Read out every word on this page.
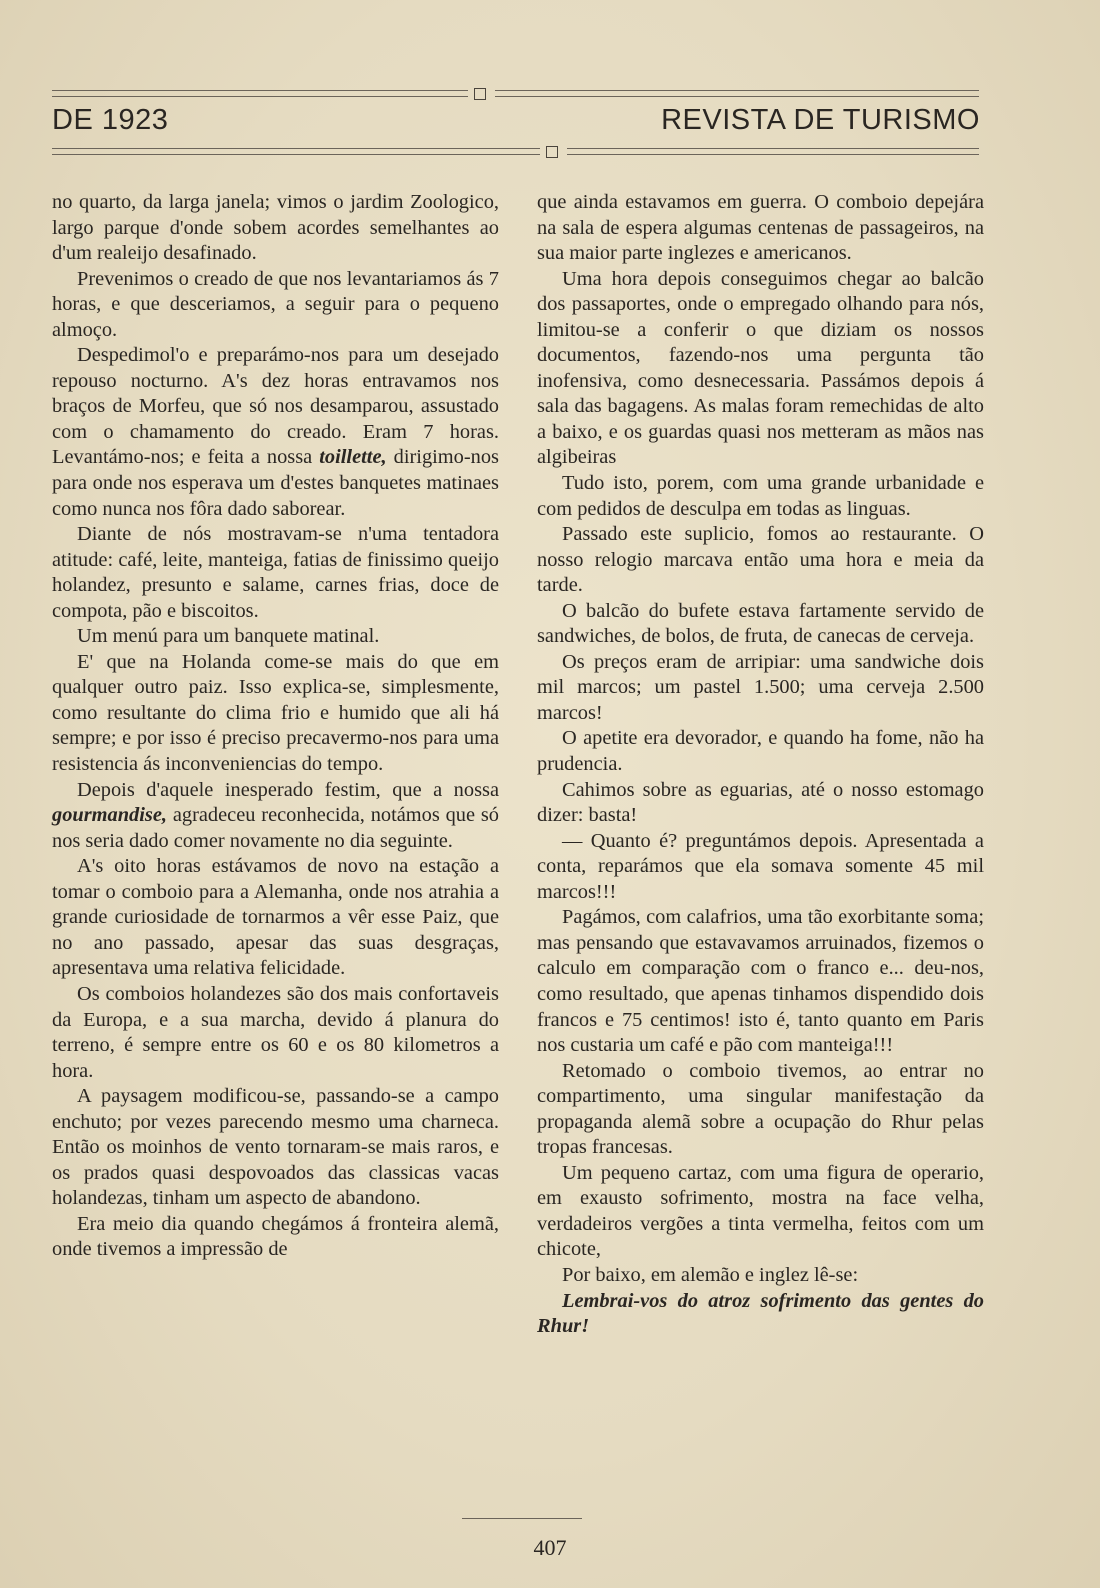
DE 1923	REVISTA DE TURISMO

no quarto, da larga janela; vimos o jardim Zoologico, largo parque d'onde sobem acordes semelhantes ao d'um realeijo desafinado.

Prevenimos o creado de que nos levantariamos ás 7 horas, e que desceriamos, a seguir para o pequeno almoço.

Despedimol'o e preparámo-nos para um desejado repouso nocturno. A's dez horas entravamos nos braços de Morfeu, que só nos desamparou, assustado com o chamamento do creado. Eram 7 horas. Levantámo-nos; e feita a nossa toillette, dirigimo-nos para onde nos esperava um d'estes banquetes matinaes como nunca nos fôra dado saborear.

Diante de nós mostravam-se n'uma tentadora atitude: café, leite, manteiga, fatias de finissimo queijo holandez, presunto e salame, carnes frias, doce de compota, pão e biscoitos.

Um menú para um banquete matinal.

E' que na Holanda come-se mais do que em qualquer outro paiz. Isso explica-se, simplesmente, como resultante do clima frio e humido que ali há sempre; e por isso é preciso precavermo-nos para uma resistencia ás inconveniencias do tempo.

Depois d'aquele inesperado festim, que a nossa gourmandise, agradeceu reconhecida, notámos que só nos seria dado comer novamente no dia seguinte.

A's oito horas estávamos de novo na estação a tomar o comboio para a Alemanha, onde nos atrahia a grande curiosidade de tornarmos a vêr esse Paiz, que no ano passado, apesar das suas desgraças, apresentava uma relativa felicidade.

Os comboios holandezes são dos mais confortaveis da Europa, e a sua marcha, devido á planura do terreno, é sempre entre os 60 e os 80 kilometros a hora.

A paysagem modificou-se, passando-se a campo enchuto; por vezes parecendo mesmo uma charneca. Então os moinhos de vento tornaram-se mais raros, e os prados quasi despovoados das classicas vacas holandezas, tinham um aspecto de abandono.

Era meio dia quando chegámos á fronteira alemã, onde tivemos a impressão de

que ainda estavamos em guerra. O comboio depejára na sala de espera algumas centenas de passageiros, na sua maior parte inglezes e americanos.

Uma hora depois conseguimos chegar ao balcão dos passaportes, onde o empregado olhando para nós, limitou-se a conferir o que diziam os nossos documentos, fazendo-nos uma pergunta tão inofensiva, como desnecessaria. Passámos depois á sala das bagagens. As malas foram remechidas de alto a baixo, e os guardas quasi nos metteram as mãos nas algibeiras

Tudo isto, porem, com uma grande urbanidade e com pedidos de desculpa em todas as linguas.

Passado este suplicio, fomos ao restaurante. O nosso relogio marcava então uma hora e meia da tarde.

O balcão do bufete estava fartamente servido de sandwiches, de bolos, de fruta, de canecas de cerveja.

Os preços eram de arripiar: uma sandwiche dois mil marcos; um pastel 1.500; uma cerveja 2.500 marcos!

O apetite era devorador, e quando ha fome, não ha prudencia.

Cahimos sobre as eguarias, até o nosso estomago dizer: basta!

— Quanto é? preguntámos depois. Apresentada a conta, reparámos que ela somava somente 45 mil marcos!!!

Pagámos, com calafrios, uma tão exorbitante soma; mas pensando que estavavamos arruinados, fizemos o calculo em comparação com o franco e... deu-nos, como resultado, que apenas tinhamos dispendido dois francos e 75 centimos! isto é, tanto quanto em Paris nos custaria um café e pão com manteiga!!!

Retomado o comboio tivemos, ao entrar no compartimento, uma singular manifestação da propaganda alemã sobre a ocupação do Rhur pelas tropas francesas.

Um pequeno cartaz, com uma figura de operario, em exausto sofrimento, mostra na face velha, verdadeiros vergões a tinta vermelha, feitos com um chicote,

Por baixo, em alemão e inglez lê-se:

Lembrai-vos do atroz sofrimento das gentes do Rhur!

407
